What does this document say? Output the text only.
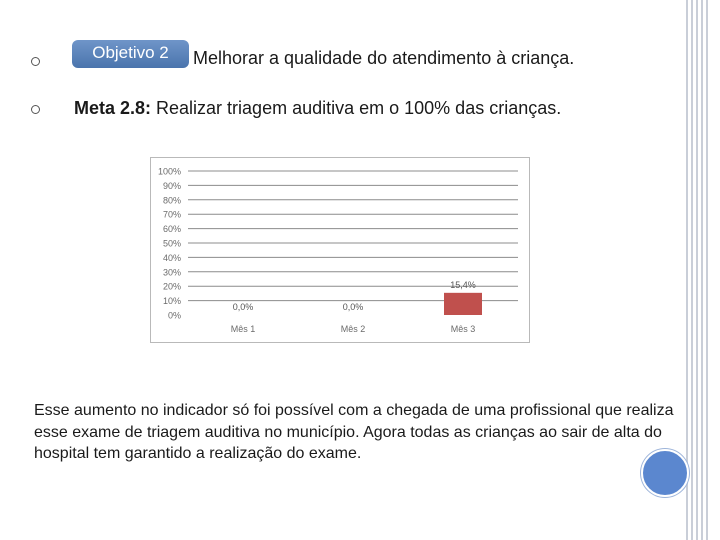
Objetivo 2	Melhorar a qualidade do atendimento à criança.
Meta 2.8: Realizar triagem auditiva em o 100% das crianças.
100%
90%
80%
70%
60%
50%
40%
30%
20%
10%
0%
0,0%
Mês 1
0,0%
Mês 2
15,4%
Mês 3
Esse aumento no indicador só foi possível com a chegada de uma profissional que realiza esse exame de triagem auditiva no município. Agora todas as crianças ao sair de alta do hospital tem garantido a realização do exame.
